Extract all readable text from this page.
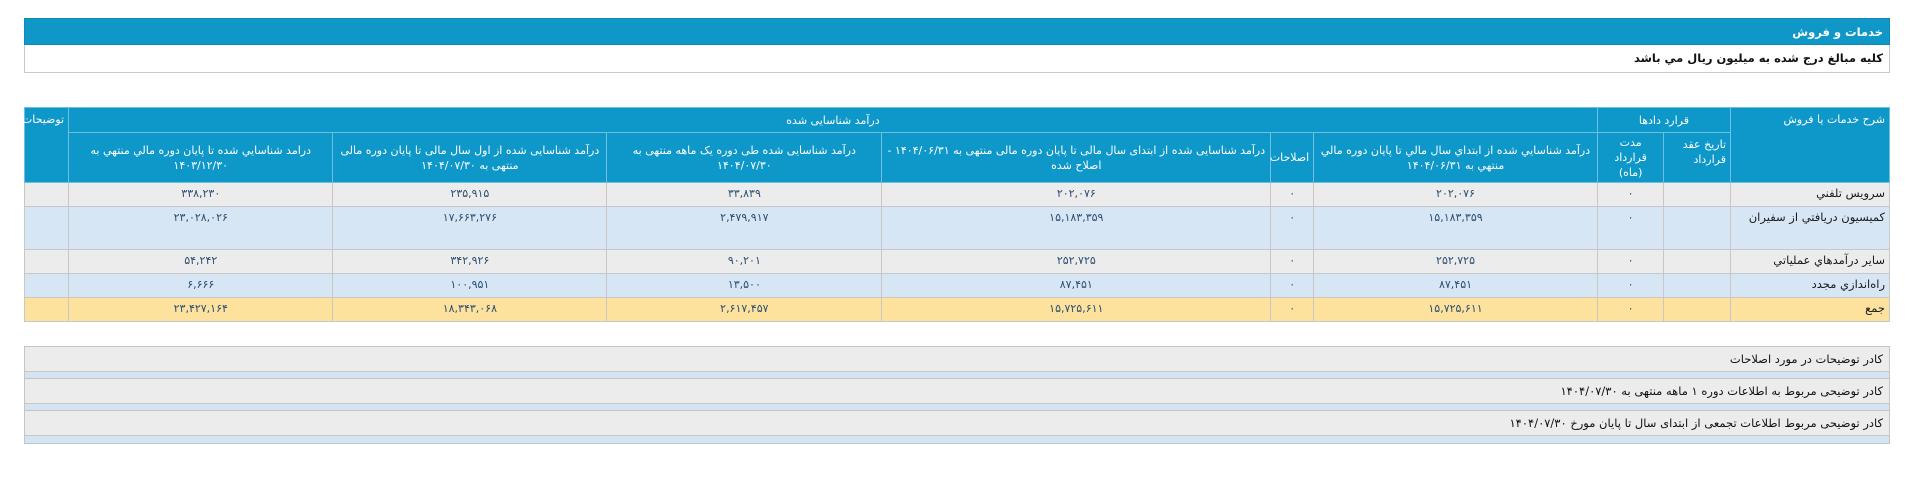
خدمات و فروش
کليه مبالغ درج شده به ميليون ريال مي باشد
شرح خدمات يا فروش	قرارد دادها		درآمد شناسایی شده						توضیحات
	تاريخ عقد قرارداد	مدت قرارداد (ماه)	درآمد شناسايي شده از ابتداي سال مالي تا پايان دوره مالي منتهي به ۱۴۰۴/۰۶/۳۱	اصلاحات	درآمد شناسایی شده از ابتدای سال مالی تا پایان دوره مالی منتهی به ۱۴۰۴/۰۶/۳۱ - اصلاح شده	درآمد شناسایی شده طی دوره یک ماهه منتهی به ۱۴۰۴/۰۷/۳۰	درآمد شناسایی شده از اول سال مالی تا پایان دوره مالی منتهی به ۱۴۰۴/۰۷/۳۰	درامد شناسايي شده تا پايان دوره مالي منتهي به ۱۴۰۳/۱۲/۳۰	
سرويس تلفني		۰	۲۰۲,۰۷۶	۰	۲۰۲,۰۷۶	۳۳,۸۳۹	۲۳۵,۹۱۵	۳۳۸,۲۳۰	
کميسيون دريافتي از سفيران		۰	۱۵,۱۸۳,۳۵۹	۰	۱۵,۱۸۳,۳۵۹	۲,۴۷۹,۹۱۷	۱۷,۶۶۳,۲۷۶	۲۳,۰۲۸,۰۲۶	
ساير درآمدهاي عملياتي		۰	۲۵۲,۷۲۵	۰	۲۵۲,۷۲۵	۹۰,۲۰۱	۳۴۲,۹۲۶	۵۴,۲۴۲	
راه‌اندازي مجدد		۰	۸۷,۴۵۱	۰	۸۷,۴۵۱	۱۳,۵۰۰	۱۰۰,۹۵۱	۶,۶۶۶	
جمع		۰	۱۵,۷۲۵,۶۱۱	۰	۱۵,۷۲۵,۶۱۱	۲,۶۱۷,۴۵۷	۱۸,۳۴۳,۰۶۸	۲۳,۴۲۷,۱۶۴	
کادر توضيحات در مورد اصلاحات
کادر توضیحی مربوط به اطلاعات دوره ۱ ماهه منتهی به ۱۴۰۴/۰۷/۳۰
کادر توضیحی مربوط اطلاعات تجمعی از ابتدای سال تا پایان مورخ ۱۴۰۴/۰۷/۳۰
